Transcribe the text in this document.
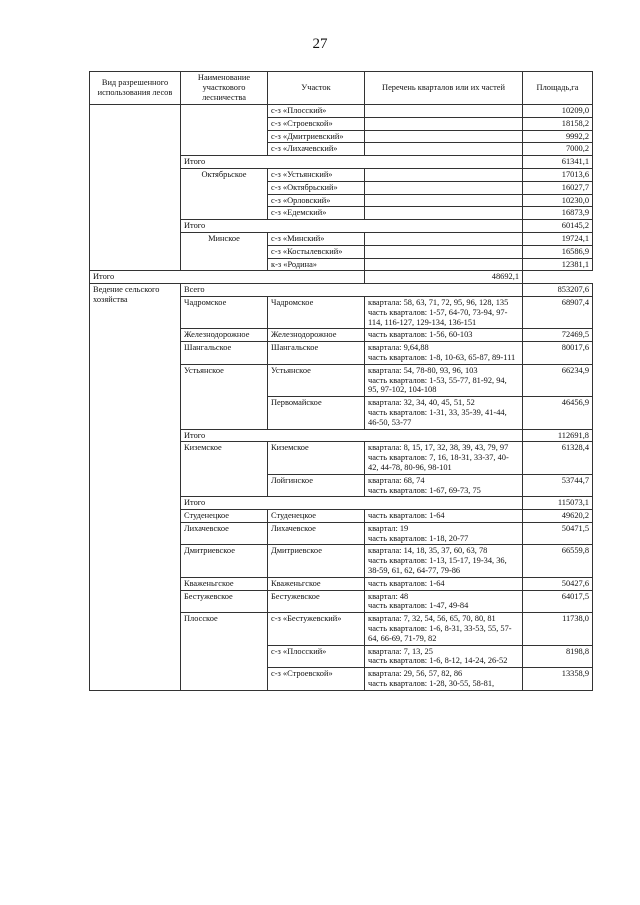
27
Вид разрешенного использования лесов	Наименование участкового лесничества	Участок	Перечень кварталов или их частей	Площадь,га
		с-з «Плосский»		10209,0
		с-з «Строевской»		18158,2
		с-з «Дмитриевский»		9992,2
		с-з «Лихачевский»		7000,2
	Итого			61341,1
	Октябрьское	с-з «Устьянский»		17013,6
		с-з «Октябрьский»		16027,7
		с-з «Орловский»		10230,0
		с-з «Едемский»		16873,9
	Итого			60145,2
	Минское	с-з «Минский»		19724,1
		с-з «Костылевский»		16586,9
		к-з «Родина»		12381,1
Итого			48692,1	
Ведение сельского хозяйства	Всего			853207,6
	Чадромское	Чадромское	квартала: 58, 63, 71, 72, 95, 96, 128, 135
часть кварталов: 1-57, 64-70, 73-94, 97-114, 116-127, 129-134, 136-151	68907,4
	Железнодорожное	Железнодорожное	часть кварталов: 1-56, 60-103	72469,5
	Шангальское	Шангальское	квартала: 9,64,88
часть кварталов: 1-8, 10-63, 65-87, 89-111	80017,6
	Устьянское	Устьянское	квартала: 54, 78-80, 93, 96, 103
часть кварталов: 1-53, 55-77, 81-92, 94, 95, 97-102, 104-108	66234,9
		Первомайское	квартала: 32, 34, 40, 45, 51, 52
часть кварталов: 1-31, 33, 35-39, 41-44, 46-50, 53-77	46456,9
	Итого			112691,8
	Киземское	Киземское	квартала: 8, 15, 17, 32, 38, 39, 43, 79, 97
часть кварталов: 7, 16, 18-31, 33-37, 40-42, 44-78, 80-96, 98-101	61328,4
		Лойгинское	квартала: 68, 74
часть кварталов: 1-67, 69-73, 75	53744,7
	Итого			115073,1
	Студенецкое	Студенецкое	часть кварталов: 1-64	49620,2
	Лихачевское	Лихачевское	квартал: 19
часть кварталов: 1-18, 20-77	50471,5
	Дмитриевское	Дмитриевское	квартала: 14, 18, 35, 37, 60, 63, 78
часть кварталов: 1-13, 15-17, 19-34, 36, 38-59, 61, 62, 64-77, 79-86	66559,8
	Кваженьгское	Кваженьгское	часть кварталов: 1-64	50427,6
	Бестужевское	Бестужевское	квартал: 48
часть кварталов: 1-47, 49-84	64017,5
	Плосское	с-з «Бестужевский»	квартала: 7, 32, 54, 56, 65, 70, 80, 81
часть кварталов: 1-6, 8-31, 33-53, 55, 57-64, 66-69, 71-79, 82	11738,0
		с-з «Плосский»	квартала: 7, 13, 25
часть кварталов: 1-6, 8-12, 14-24, 26-52	8198,8
		с-з «Строевской»	квартала: 29, 56, 57, 82, 86
часть кварталов: 1-28, 30-55, 58-81,	13358,9
